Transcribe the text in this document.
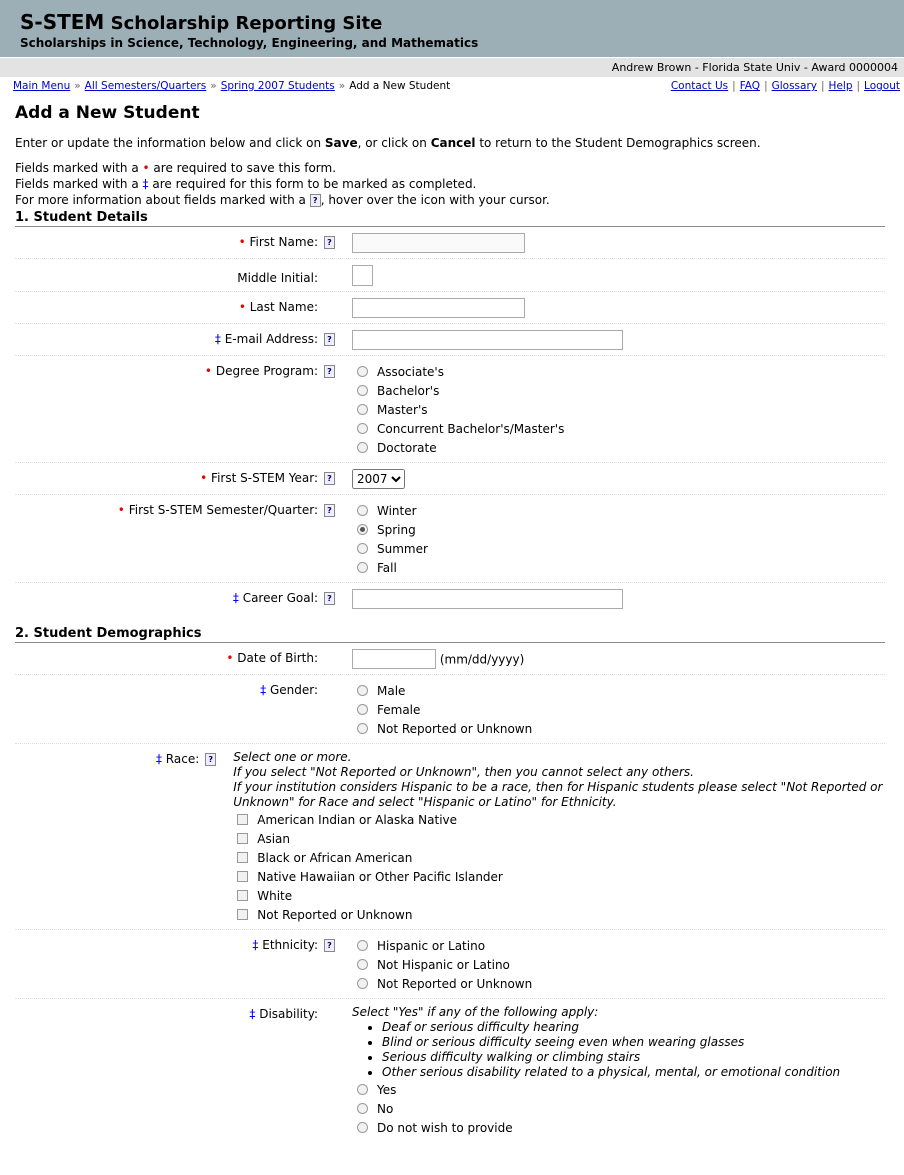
S-STEM Scholarship Reporting Site
Scholarships in Science, Technology, Engineering, and Mathematics
Andrew Brown - Florida State Univ - Award 0000004
Main Menu » All Semesters/Quarters » Spring 2007 Students » Add a New Student	Contact Us | FAQ | Glossary | Help | Logout
Add a New Student

Enter or update the information below and click on Save, or click on Cancel to return to the Student Demographics screen.

Fields marked with a • are required to save this form.
Fields marked with a ‡ are required for this form to be marked as completed.
For more information about fields marked with a ? , hover over the icon with your cursor.
1. Student Details
• First Name: ?
Middle Initial:
• Last Name:
‡ E-mail Address: ?
• Degree Program: ?	Associate's
Bachelor's
Master's
Concurrent Bachelor's/Master's
Doctorate
• First S-STEM Year: ?
2007
• First S-STEM Semester/Quarter: ?	Winter
Spring
Summer
Fall
‡ Career Goal: ?
2. Student Demographics
• Date of Birth:	(mm/dd/yyyy)
‡ Gender:	Male
Female
Not Reported or Unknown
‡ Race: ? Select one or more.
If you select "Not Reported or Unknown", then you cannot select any others.
If your institution considers Hispanic to be a race, then for Hispanic students please select "Not Reported or Unknown" for Race and select "Hispanic or Latino" for Ethnicity.
American Indian or Alaska Native
Asian
Black or African American
Native Hawaiian or Other Pacific Islander
White
Not Reported or Unknown
‡ Ethnicity: ?	Hispanic or Latino
Not Hispanic or Latino
Not Reported or Unknown
‡ Disability:	Select "Yes" if any of the following apply:
• Deaf or serious difficulty hearing
• Blind or serious difficulty seeing even when wearing glasses
• Serious difficulty walking or climbing stairs
• Other serious disability related to a physical, mental, or emotional condition
Yes
No
Do not wish to provide
